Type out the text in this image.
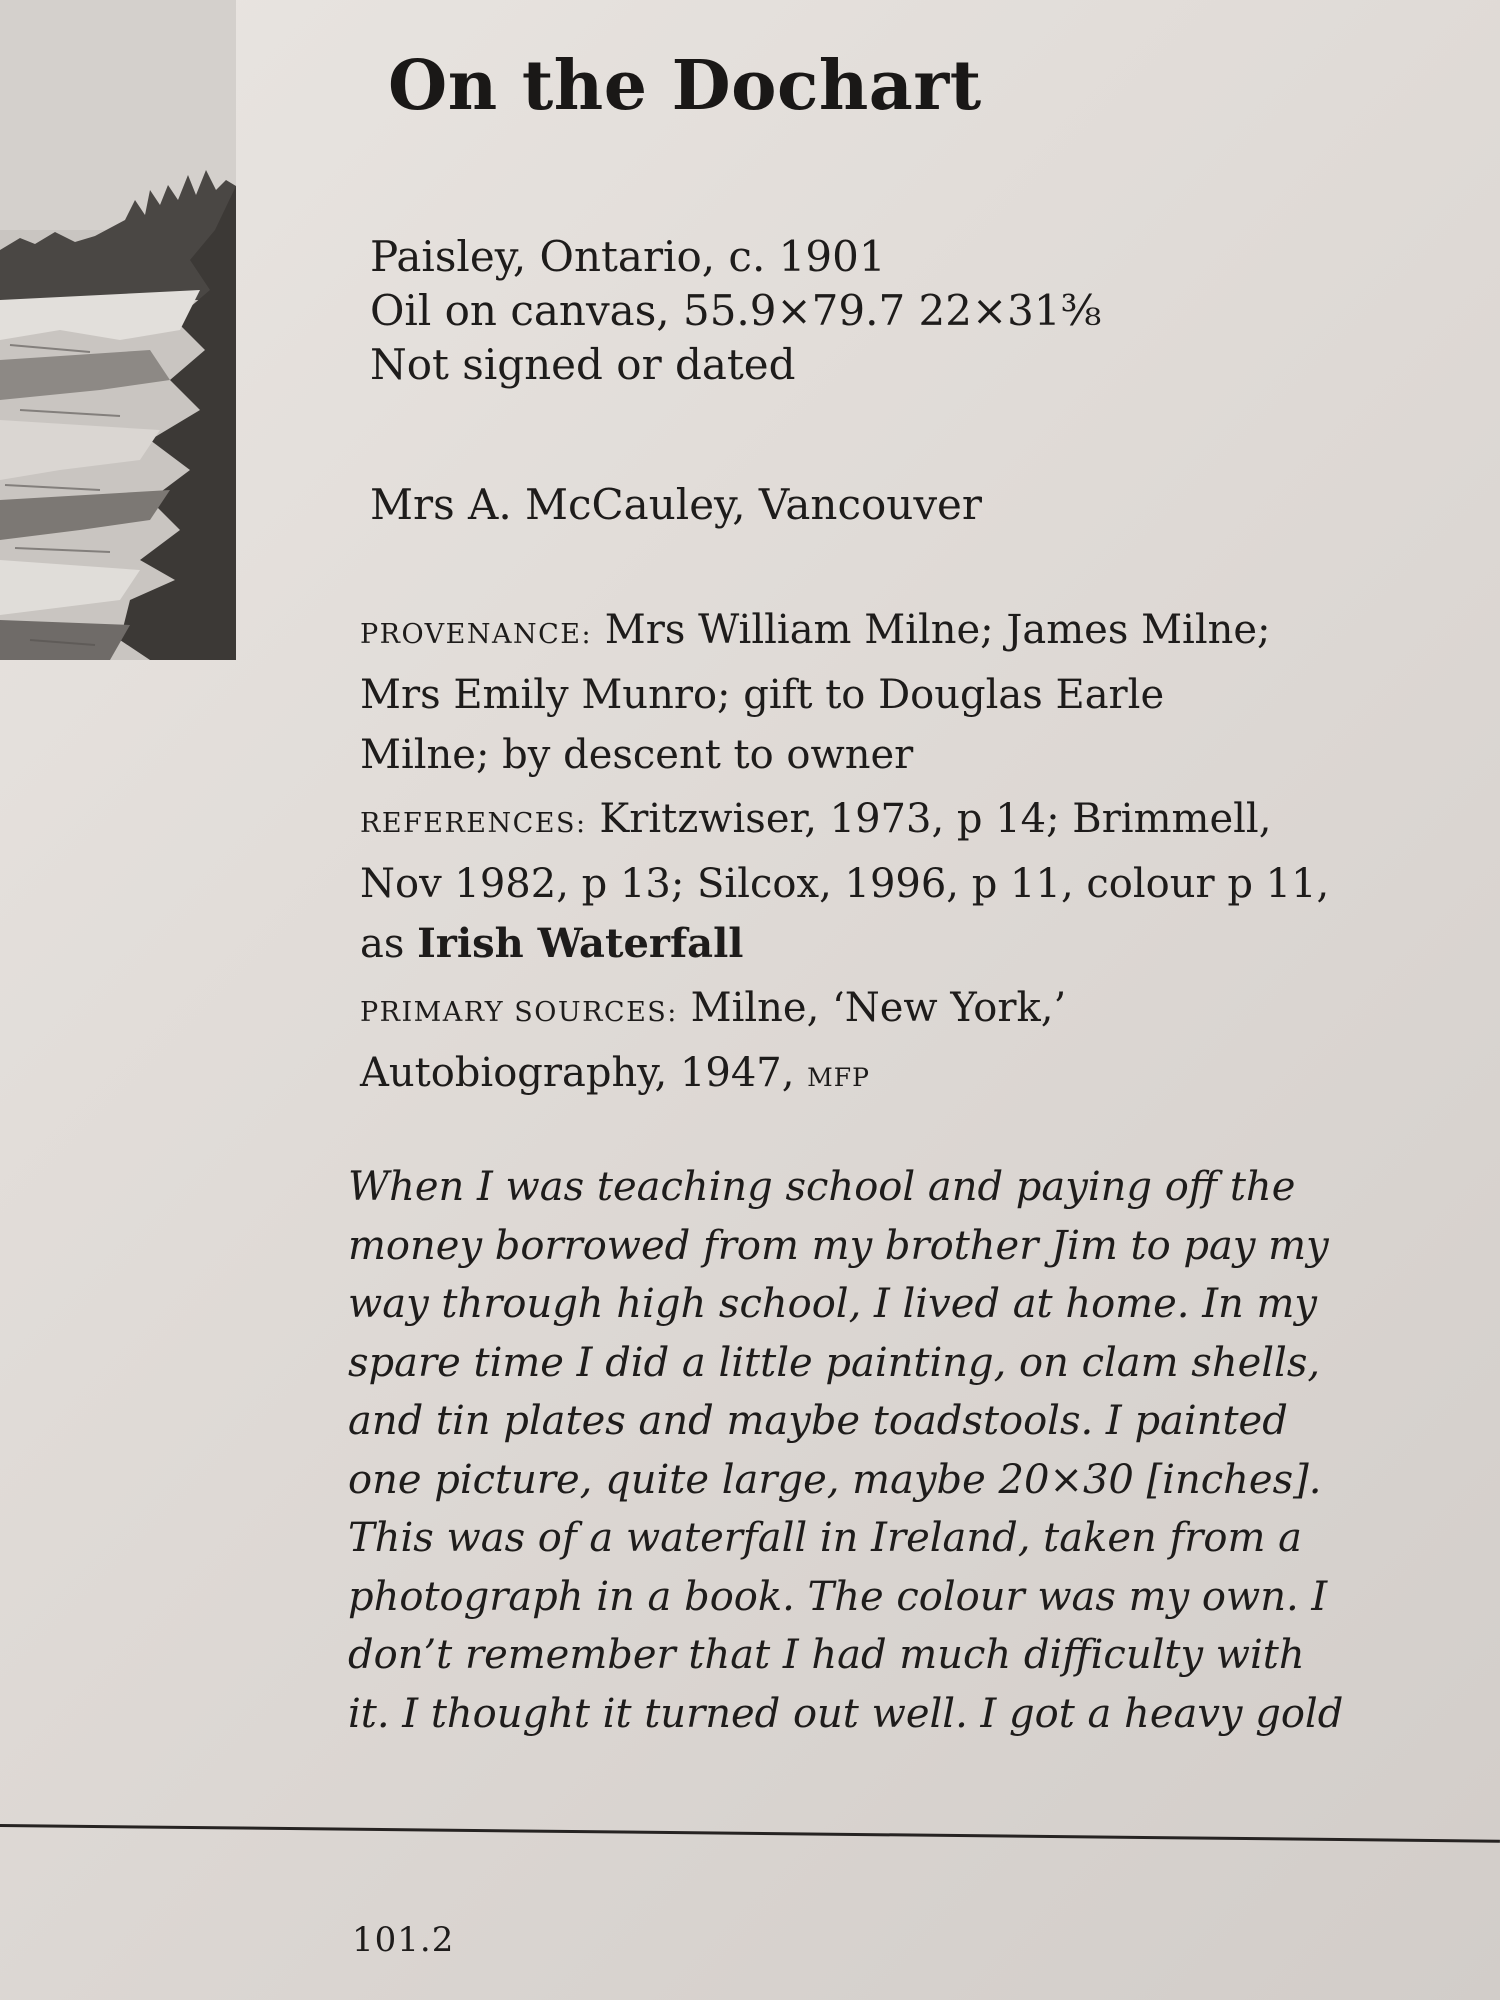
On the Dochart
Paisley, Ontario, c. 1901
Oil on canvas, 55.9×79.7 22×31⅜
Not signed or dated
Mrs A. McCauley, Vancouver
PROVENANCE: Mrs William Milne; James Milne;
Mrs Emily Munro; gift to Douglas Earle
Milne; by descent to owner
REFERENCES: Kritzwiser, 1973, p 14; Brimmell,
Nov 1982, p 13; Silcox, 1996, p 11, colour p 11,
as Irish Waterfall
PRIMARY SOURCES: Milne, ‘New York,’
Autobiography, 1947, MFP
When I was teaching school and paying off the
money borrowed from my brother Jim to pay my
way through high school, I lived at home. In my
spare time I did a little painting, on clam shells,
and tin plates and maybe toadstools. I painted
one picture, quite large, maybe 20×30 [inches].
This was of a waterfall in Ireland, taken from a
photograph in a book. The colour was my own. I
don’t remember that I had much difficulty with
it. I thought it turned out well. I got a heavy gold

101.2
